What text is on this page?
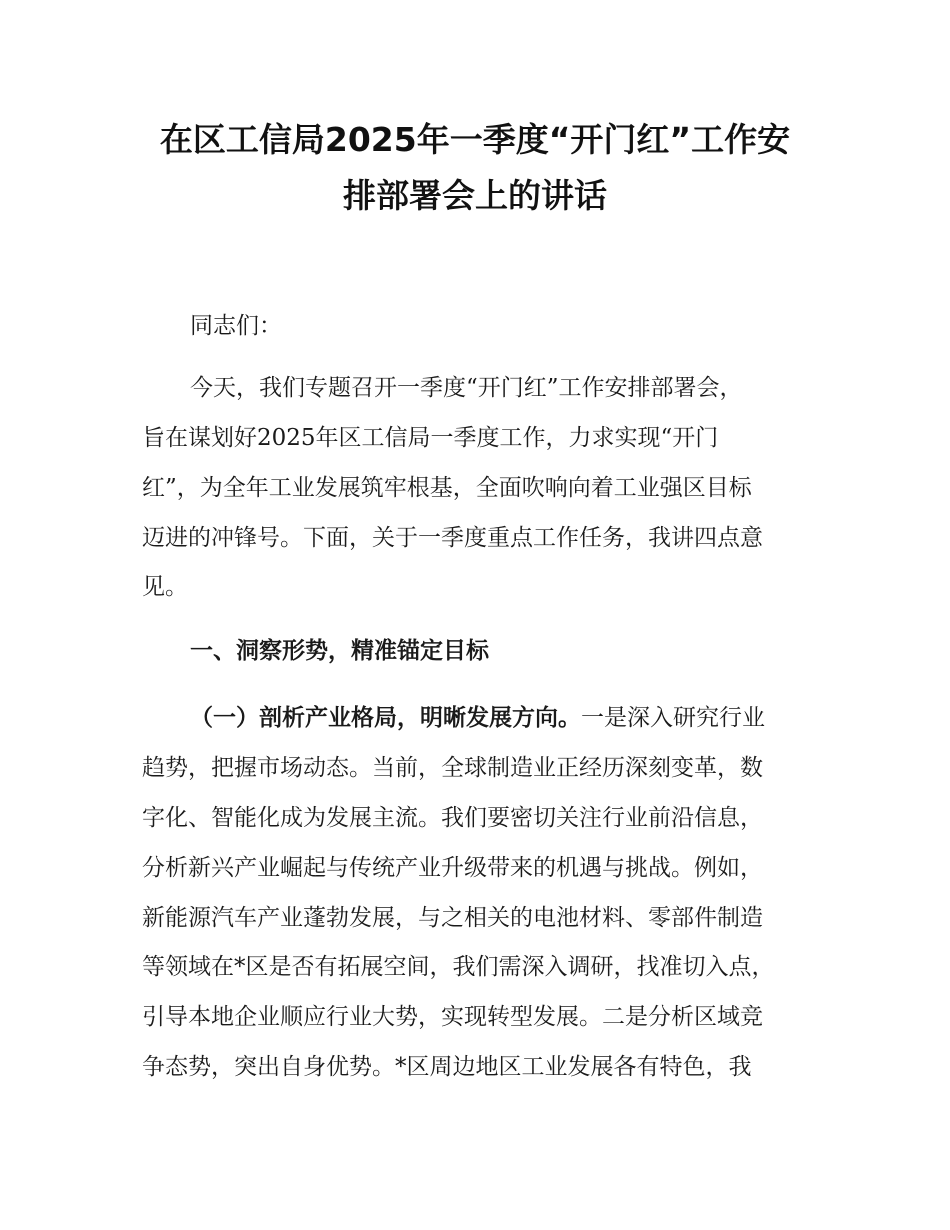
在区工信局2025年一季度“开门红”工作安
排部署会上的讲话

同志们：

今天，我们专题召开一季度“开门红”工作安排部署会，

旨在谋划好2025年区工信局一季度工作，力求实现“开门

红”，为全年工业发展筑牢根基，全面吹响向着工业强区目标

迈进的冲锋号。下面，关于一季度重点工作任务，我讲四点意

见。

一、洞察形势，精准锚定目标

（一）剖析产业格局，明晰发展方向。一是深入研究行业

趋势，把握市场动态。当前，全球制造业正经历深刻变革，数

字化、智能化成为发展主流。我们要密切关注行业前沿信息，

分析新兴产业崛起与传统产业升级带来的机遇与挑战。例如，

新能源汽车产业蓬勃发展，与之相关的电池材料、零部件制造

等领域在*区是否有拓展空间，我们需深入调研，找准切入点，

引导本地企业顺应行业大势，实现转型发展。二是分析区域竞

争态势，突出自身优势。*区周边地区工业发展各有特色，我
